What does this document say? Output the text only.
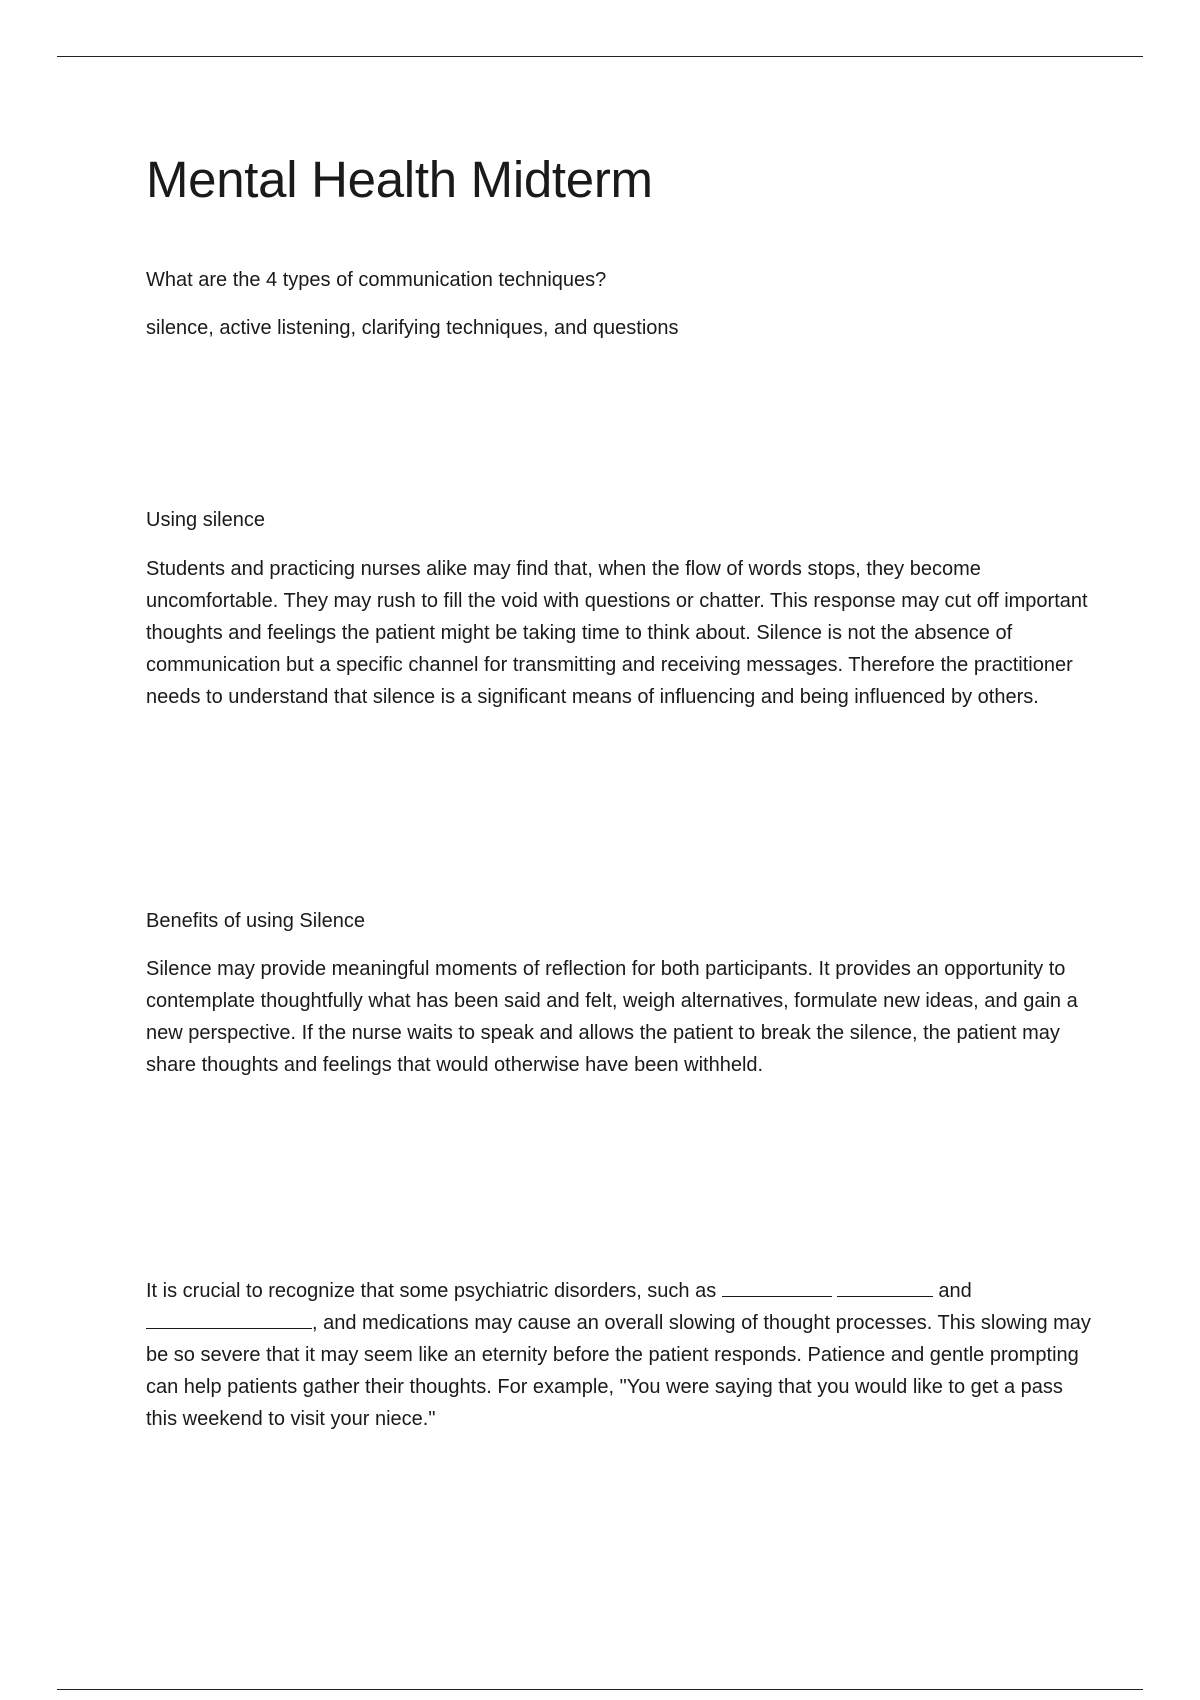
Mental Health Midterm

What are the 4 types of communication techniques?

silence, active listening, clarifying techniques, and questions

Using silence

Students and practicing nurses alike may find that, when the flow of words stops, they become uncomfortable. They may rush to fill the void with questions or chatter. This response may cut off important thoughts and feelings the patient might be taking time to think about. Silence is not the absence of communication but a specific channel for transmitting and receiving messages. Therefore the practitioner needs to understand that silence is a significant means of influencing and being influenced by others.

Benefits of using Silence

Silence may provide meaningful moments of reflection for both participants. It provides an opportunity to contemplate thoughtfully what has been said and felt, weigh alternatives, formulate new ideas, and gain a new perspective. If the nurse waits to speak and allows the patient to break the silence, the patient may share thoughts and feelings that would otherwise have been withheld.

It is crucial to recognize that some psychiatric disorders, such as	and
, and medications may cause an overall slowing of thought processes. This slowing may be so severe that it may seem like an eternity before the patient responds. Patience and gentle prompting can help patients gather their thoughts. For example, "You were saying that you would like to get a pass this weekend to visit your niece."
